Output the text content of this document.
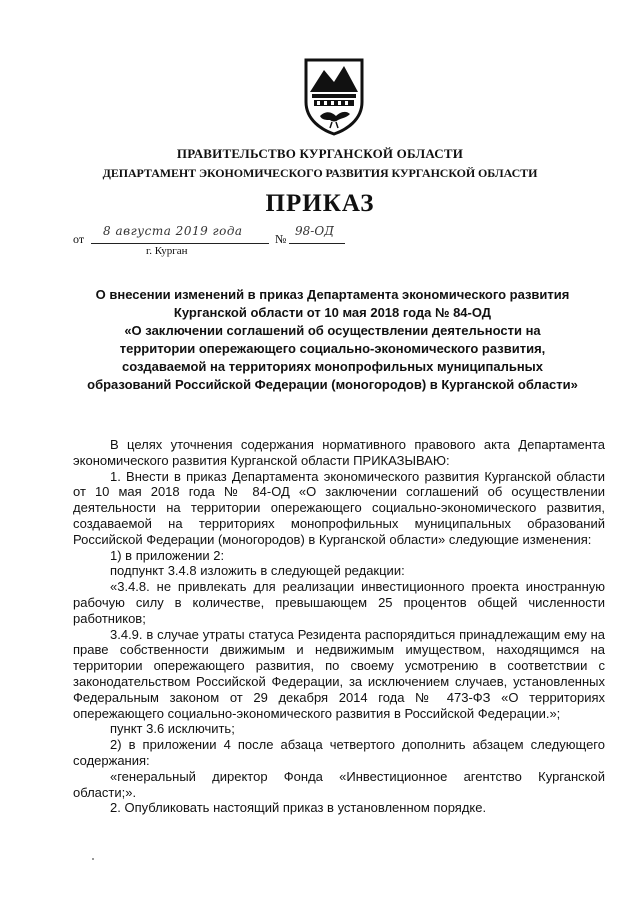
ПРАВИТЕЛЬСТВО КУРГАНСКОЙ ОБЛАСТИ
ДЕПАРТАМЕНТ ЭКОНОМИЧЕСКОГО РАЗВИТИЯ КУРГАНСКОЙ ОБЛАСТИ
ПРИКАЗ
от
8 августа 2019 года
№
98-ОД
г. Курган
О внесении изменений в приказ Департамента экономического развития
Курганской области от 10 мая 2018 года № 84-ОД
«О заключении соглашений об осуществлении деятельности на
территории опережающего социально-экономического развития,
создаваемой на территориях монопрофильных муниципальных
образований Российской Федерации (моногородов) в Курганской области»

В целях уточнения содержания нормативного правового акта Департамента экономического развития Курганской области ПРИКАЗЫВАЮ:

1. Внести в приказ Департамента экономического развития Курганской области от 10 мая 2018 года № 84-ОД «О заключении соглашений об осуществлении деятельности на территории опережающего социально-экономического развития, создаваемой на территориях монопрофильных муниципальных образований Российской Федерации (моногородов) в Курганской области» следующие изменения:

1) в приложении 2:

подпункт 3.4.8 изложить в следующей редакции:

«3.4.8. не привлекать для реализации инвестиционного проекта иностранную рабочую силу в количестве, превышающем 25 процентов общей численности работников;

3.4.9. в случае утраты статуса Резидента распорядиться принадлежащим ему на праве собственности движимым и недвижимым имуществом, находящимся на территории опережающего развития, по своему усмотрению в соответствии с законодательством Российской Федерации, за исключением случаев, установленных Федеральным законом от 29 декабря 2014 года № 473-ФЗ «О территориях опережающего социально-экономического развития в Российской Федерации.»;

пункт 3.6 исключить;

2) в приложении 4 после абзаца четвертого дополнить абзацем следующего содержания:

«генеральный директор Фонда «Инвестиционное агентство Курганской области;».

2. Опубликовать настоящий приказ в установленном порядке.
